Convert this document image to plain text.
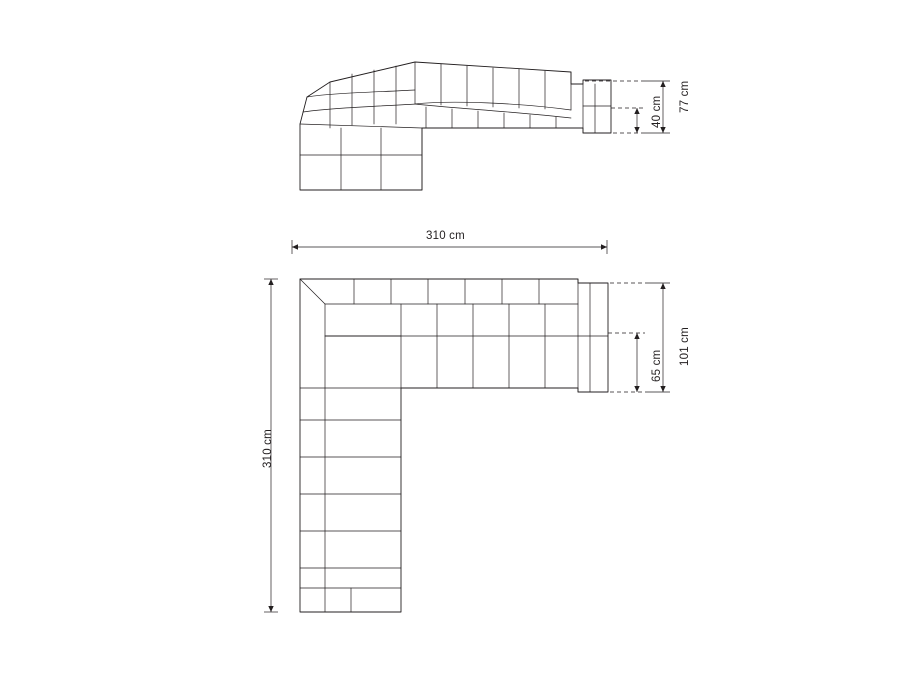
77 cm
40 cm
310 cm
310 cm
101 cm
65 cm
